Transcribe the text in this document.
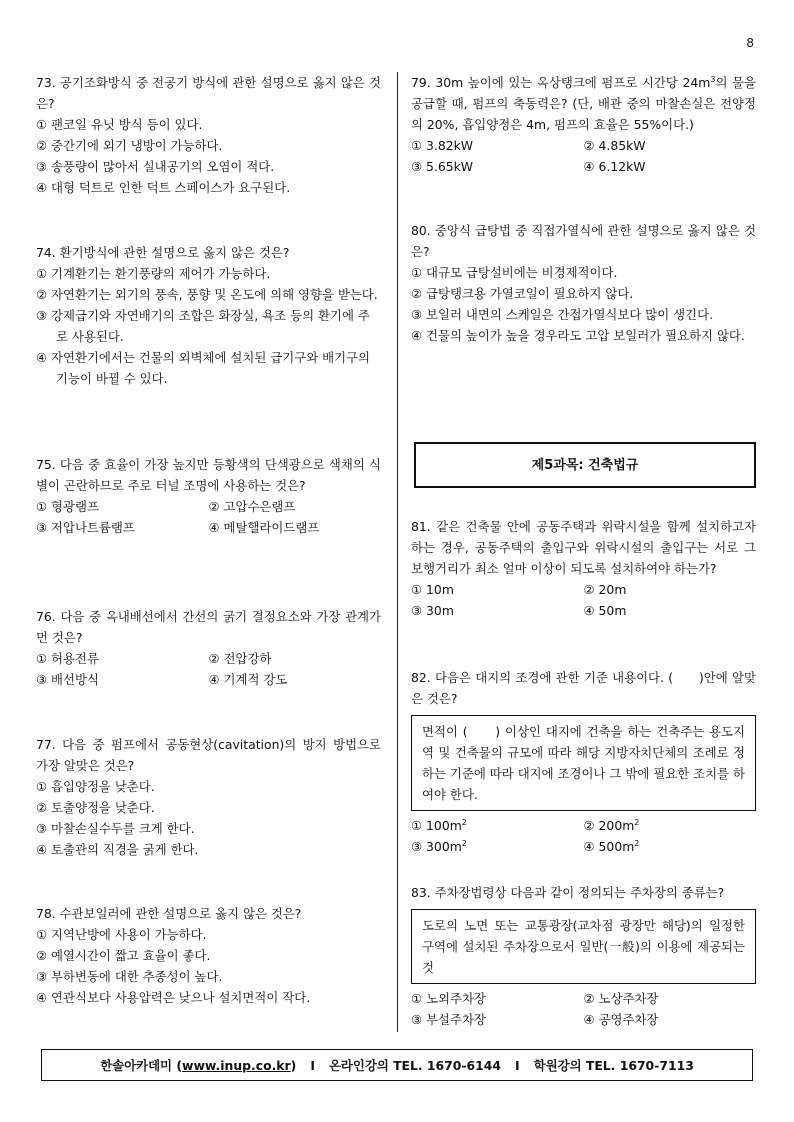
8
73. 공기조화방식 중 전공기 방식에 관한 설명으로 옳지 않은 것은?
① 팬코일 유닛 방식 등이 있다.
② 중간기에 외기 냉방이 가능하다.
③ 송풍량이 많아서 실내공기의 오염이 적다.
④ 대형 덕트로 인한 덕트 스페이스가 요구된다.
74. 환기방식에 관한 설명으로 옳지 않은 것은?
① 기계환기는 환기풍량의 제어가 가능하다.
② 자연환기는 외기의 풍속, 풍향 및 온도에 의해 영향을 받는다.
③ 강제급기와 자연배기의 조합은 화장실, 욕조 등의 환기에 주로 사용된다.
④ 자연환기에서는 건물의 외벽체에 설치된 급기구와 배기구의 기능이 바뀔 수 있다.
75. 다음 중 효율이 가장 높지만 등황색의 단색광으로 색채의 식별이 곤란하므로 주로 터널 조명에 사용하는 것은?
① 형광램프	② 고압수은램프
③ 저압나트륨램프	④ 메탈핼라이드램프
76. 다음 중 옥내배선에서 간선의 굵기 결정요소와 가장 관계가 먼 것은?
① 허용전류	② 전압강하
③ 배선방식	④ 기계적 강도
77. 다음 중 펌프에서 공동현상(cavitation)의 방지 방법으로 가장 알맞은 것은?
① 흡입양정을 낮춘다.
② 토출양정을 낮춘다.
③ 마찰손실수두를 크게 한다.
④ 토출관의 직경을 굵게 한다.
78. 수관보일러에 관한 설명으로 옳지 않은 것은?
① 지역난방에 사용이 가능하다.
② 예열시간이 짧고 효율이 좋다.
③ 부하변동에 대한 추종성이 높다.
④ 연관식보다 사용압력은 낮으나 설치면적이 작다.
79. 30m 높이에 있는 옥상탱크에 펌프로 시간당 $24m^3$의 물을 공급할 때, 펌프의 축동력은? (단, 배관 중의 마찰손실은 전양정의 20%, 흡입양정은 4m, 펌프의 효율은 55%이다.)
① 3.82kW	② 4.85kW
③ 5.65kW	④ 6.12kW
80. 중앙식 급탕법 중 직접가열식에 관한 설명으로 옳지 않은 것은?
① 대규모 급탕설비에는 비경제적이다.
② 급탕탱크용 가열코일이 필요하지 않다.
③ 보일러 내면의 스케일은 간접가열식보다 많이 생긴다.
④ 건물의 높이가 높을 경우라도 고압 보일러가 필요하지 않다.
제5과목: 건축법규
81. 같은 건축물 안에 공동주택과 위락시설을 함께 설치하고자 하는 경우, 공동주택의 출입구와 위락시설의 출입구는 서로 그 보행거리가 최소 얼마 이상이 되도록 설치하여야 하는가?
① 10m	② 20m
③ 30m	④ 50m
82. 다음은 대지의 조경에 관한 기준 내용이다. (　　)안에 알맞은 것은?
면적이 (　　) 이상인 대지에 건축을 하는 건축주는 용도지역 및 건축물의 규모에 따라 해당 지방자치단체의 조례로 정하는 기준에 따라 대지에 조경이나 그 밖에 필요한 조치를 하여야 한다.
① $100m^2$	② $200m^2$
③ $300m^2$	④ $500m^2$
83. 주차장법령상 다음과 같이 정의되는 주차장의 종류는?
도로의 노면 또는 교통광장(교차점 광장만 해당)의 일정한 구역에 설치된 주차장으로서 일반(一般)의 이용에 제공되는 것
① 노외주차장	② 노상주차장
③ 부설주차장	④ 공영주차장
한솔아카데미 ( www.inup.co.kr ) I 온라인강의 TEL. 1670-6144 I 학원강의 TEL. 1670-7113
